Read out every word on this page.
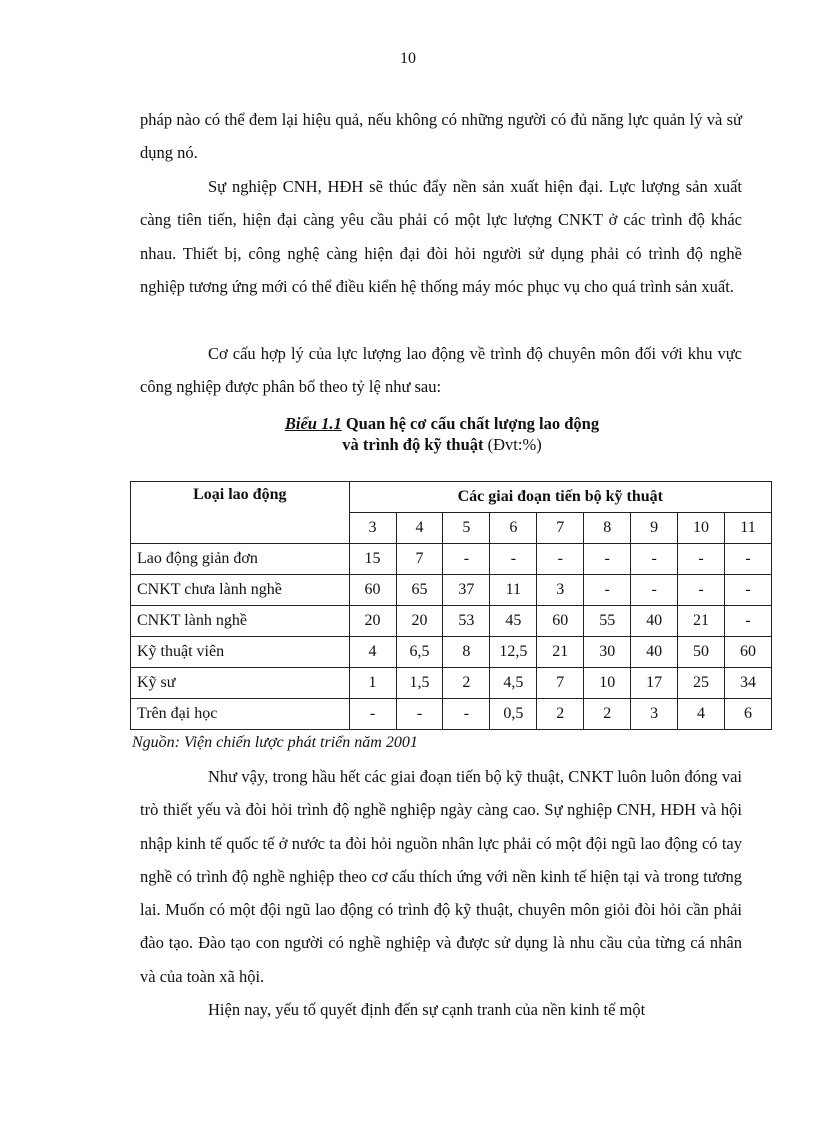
10

pháp nào có thể đem lại hiệu quả, nếu không có những người có đủ năng lực quản lý và sử dụng nó.

Sự nghiệp CNH, HĐH sẽ thúc đẩy nền sản xuất hiện đại. Lực lượng sản xuất càng tiên tiến, hiện đại càng yêu cầu phải có một lực lượng CNKT ở các trình độ khác nhau. Thiết bị, công nghệ càng hiện đại đòi hỏi người sử dụng phải có trình độ nghề nghiệp tương ứng mới có thể điều kiển hệ thống máy móc phục vụ cho quá trình sản xuất.

Cơ cấu hợp lý của lực lượng lao động về trình độ chuyên môn đối với khu vực công nghiệp được phân bố theo tỷ lệ như sau:

Biểu 1.1 Quan hệ cơ cấu chất lượng lao động
và trình độ kỹ thuật (Đvt:%)
Loại lao động	Các giai đoạn tiến bộ kỹ thuật								
	3	4	5	6	7	8	9	10	11
Lao động giản đơn	15	7	-	-	-	-	-	-	-
CNKT chưa lành nghề	60	65	37	11	3	-	-	-	-
CNKT lành nghề	20	20	53	45	60	55	40	21	-
Kỹ thuật viên	4	6,5	8	12,5	21	30	40	50	60
Kỹ sư	1	1,5	2	4,5	7	10	17	25	34
Trên đại học	-	-	-	0,5	2	2	3	4	6
Nguồn: Viện chiến lược phát triển năm 2001

Như vậy, trong hầu hết các giai đoạn tiến bộ kỹ thuật, CNKT luôn luôn đóng vai trò thiết yếu và đòi hỏi trình độ nghề nghiệp ngày càng cao. Sự nghiệp CNH, HĐH và hội nhập kinh tế quốc tế ở nước ta đòi hỏi nguồn nhân lực phải có một đội ngũ lao động có tay nghề có trình độ nghề nghiệp theo cơ cấu thích ứng với nền kinh tế hiện tại và trong tương lai. Muốn có một đội ngũ lao động có trình độ kỹ thuật, chuyên môn giỏi đòi hỏi cần phải đào tạo. Đào tạo con người có nghề nghiệp và được sử dụng là nhu cầu của từng cá nhân và của toàn xã hội.

Hiện nay, yếu tố quyết định đến sự cạnh tranh của nền kinh tế một
